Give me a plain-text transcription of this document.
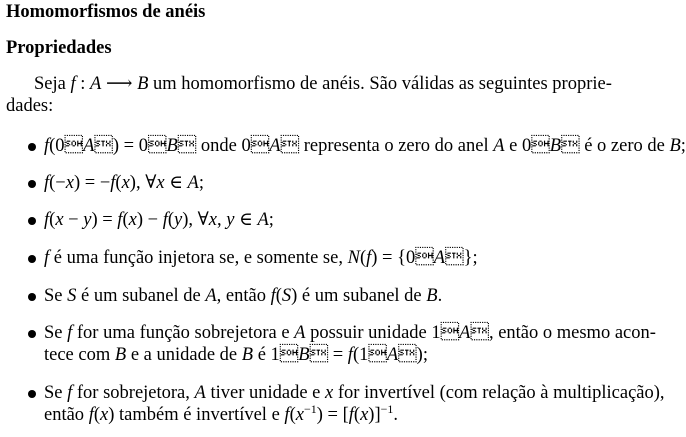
Homomorfismos de anéis
Propriedades
Seja f : A ⟶ B um homomorfismo de anéis. São válidas as seguintes proprie-
dades:
f(0A) = 0B onde 0A representa o zero do anel A e 0B é o zero de B;
f(−x) = −f(x), ∀x ∈ A;
f(x − y) = f(x) − f(y), ∀x, y ∈ A;
f é uma função injetora se, e somente se, N(f) = {0A};
Se S é um subanel de A, então f(S) é um subanel de B.
Se f for uma função sobrejetora e A possuir unidade 1A, então o mesmo acon-
tece com B e a unidade de B é 1B = f(1A);
Se f for sobrejetora, A tiver unidade e x for invertível (com relação à multiplicação),
então f(x) também é invertível e $f(x^{-1}) = [f(x)]^{-1}$.
